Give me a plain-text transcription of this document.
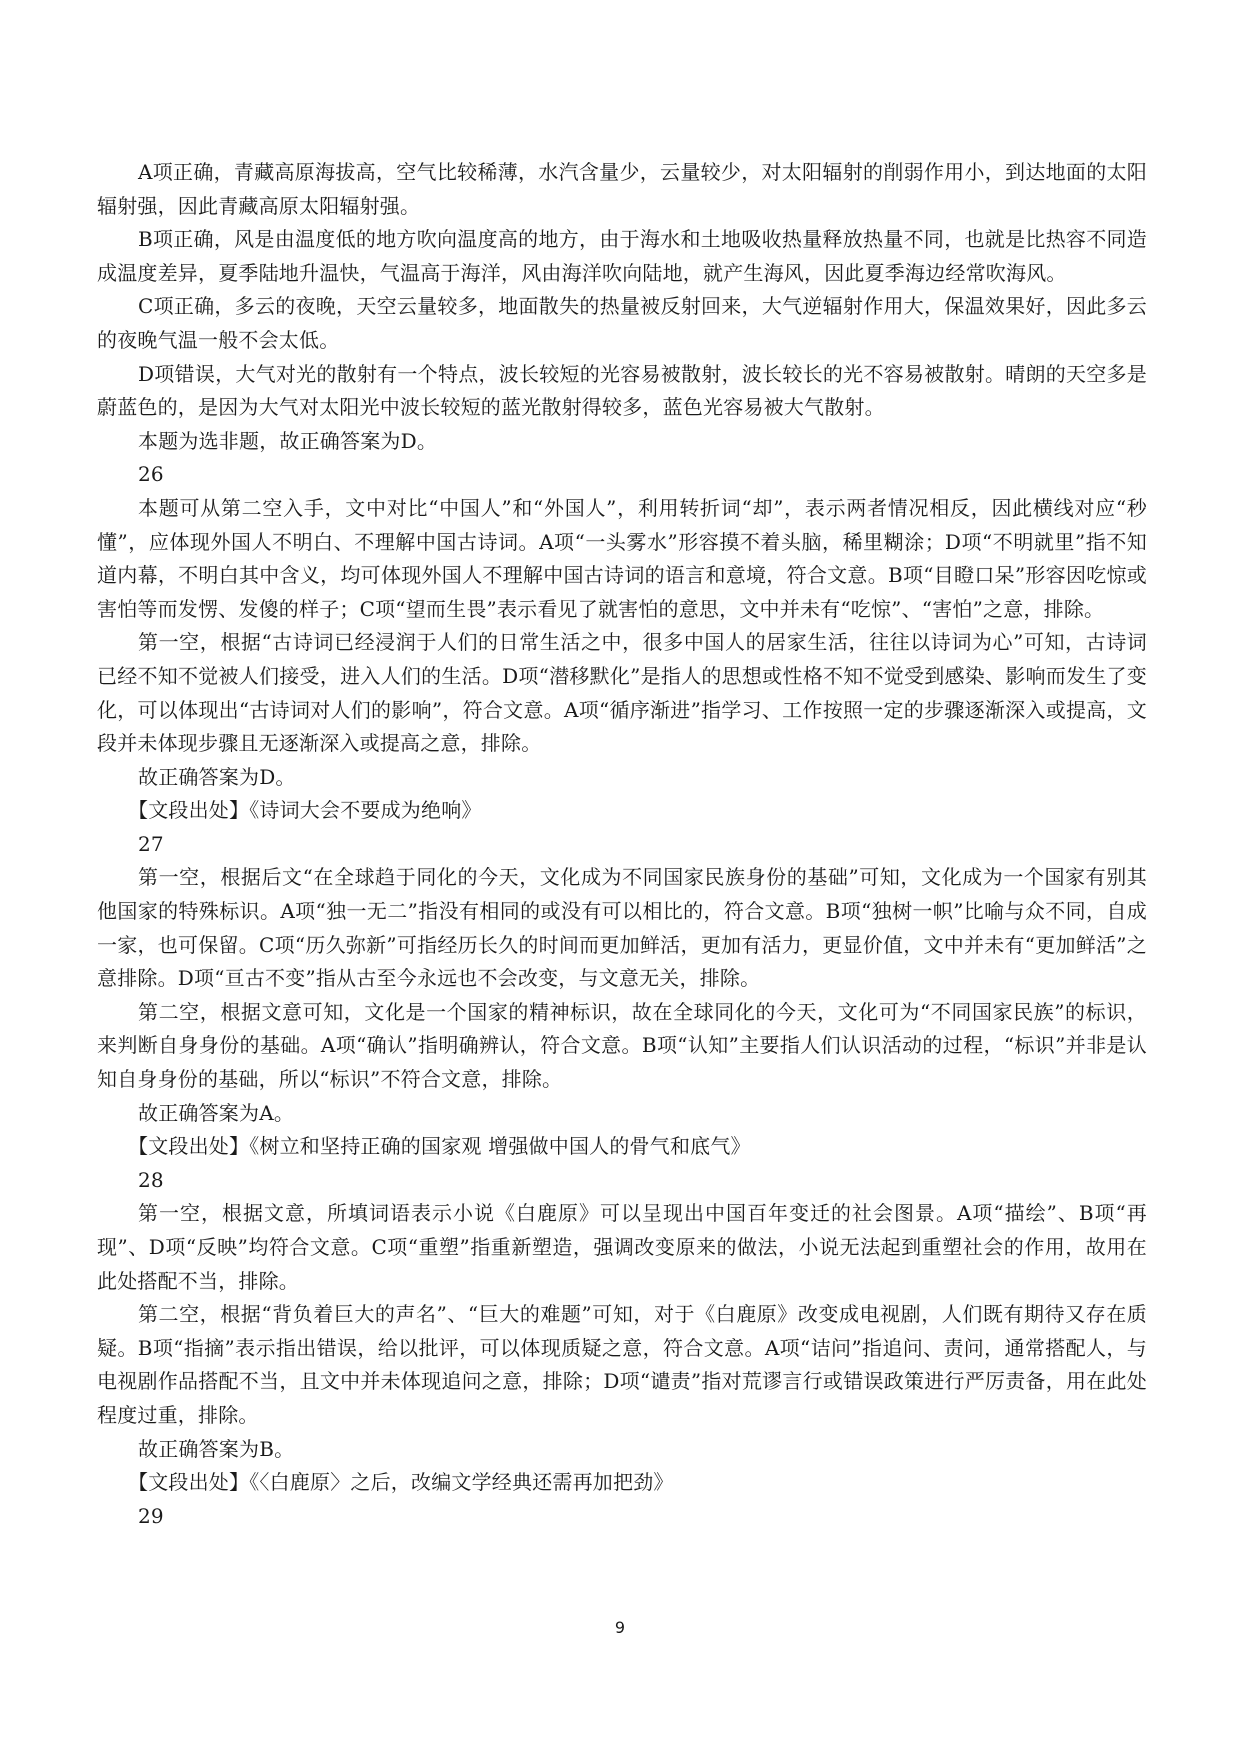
A项正确，青藏高原海拔高，空气比较稀薄，水汽含量少，云量较少，对太阳辐射的削弱作用小，到达地面的太阳辐射强，因此青藏高原太阳辐射强。

B项正确，风是由温度低的地方吹向温度高的地方，由于海水和土地吸收热量释放热量不同，也就是比热容不同造成温度差异，夏季陆地升温快，气温高于海洋，风由海洋吹向陆地，就产生海风，因此夏季海边经常吹海风。

C项正确，多云的夜晚，天空云量较多，地面散失的热量被反射回来，大气逆辐射作用大，保温效果好，因此多云的夜晚气温一般不会太低。

D项错误，大气对光的散射有一个特点，波长较短的光容易被散射，波长较长的光不容易被散射。晴朗的天空多是蔚蓝色的，是因为大气对太阳光中波长较短的蓝光散射得较多，蓝色光容易被大气散射。

本题为选非题，故正确答案为D。

26

本题可从第二空入手，文中对比“中国人”和“外国人”，利用转折词“却”，表示两者情况相反，因此横线对应“秒懂”，应体现外国人不明白、不理解中国古诗词。A项“一头雾水”形容摸不着头脑，稀里糊涂；D项“不明就里”指不知道内幕，不明白其中含义，均可体现外国人不理解中国古诗词的语言和意境，符合文意。B项“目瞪口呆”形容因吃惊或害怕等而发愣、发傻的样子；C项“望而生畏”表示看见了就害怕的意思，文中并未有“吃惊”、“害怕”之意，排除。

第一空，根据“古诗词已经浸润于人们的日常生活之中，很多中国人的居家生活，往往以诗词为心”可知，古诗词已经不知不觉被人们接受，进入人们的生活。D项“潜移默化”是指人的思想或性格不知不觉受到感染、影响而发生了变化，可以体现出“古诗词对人们的影响”，符合文意。A项“循序渐进”指学习、工作按照一定的步骤逐渐深入或提高，文段并未体现步骤且无逐渐深入或提高之意，排除。

故正确答案为D。

【文段出处】《诗词大会不要成为绝响》

27

第一空，根据后文“在全球趋于同化的今天，文化成为不同国家民族身份的基础”可知，文化成为一个国家有别其他国家的特殊标识。A项“独一无二”指没有相同的或没有可以相比的，符合文意。B项“独树一帜”比喻与众不同，自成一家，也可保留。C项“历久弥新”可指经历长久的时间而更加鲜活，更加有活力，更显价值，文中并未有“更加鲜活”之意排除。D项“亘古不变”指从古至今永远也不会改变，与文意无关，排除。

第二空，根据文意可知，文化是一个国家的精神标识，故在全球同化的今天，文化可为“不同国家民族”的标识，来判断自身身份的基础。A项“确认”指明确辨认，符合文意。B项“认知”主要指人们认识活动的过程，“标识”并非是认知自身身份的基础，所以“标识”不符合文意，排除。

故正确答案为A。

【文段出处】《树立和坚持正确的国家观 增强做中国人的骨气和底气》

28

第一空，根据文意，所填词语表示小说《白鹿原》可以呈现出中国百年变迁的社会图景。A项“描绘”、B项“再现”、D项“反映”均符合文意。C项“重塑”指重新塑造，强调改变原来的做法，小说无法起到重塑社会的作用，故用在此处搭配不当，排除。

第二空，根据“背负着巨大的声名”、“巨大的难题”可知，对于《白鹿原》改变成电视剧，人们既有期待又存在质疑。B项“指摘”表示指出错误，给以批评，可以体现质疑之意，符合文意。A项“诘问”指追问、责问，通常搭配人，与电视剧作品搭配不当，且文中并未体现追问之意，排除；D项“谴责”指对荒谬言行或错误政策进行严厉责备，用在此处程度过重，排除。

故正确答案为B。

【文段出处】《〈白鹿原〉之后，改编文学经典还需再加把劲》

29

9
